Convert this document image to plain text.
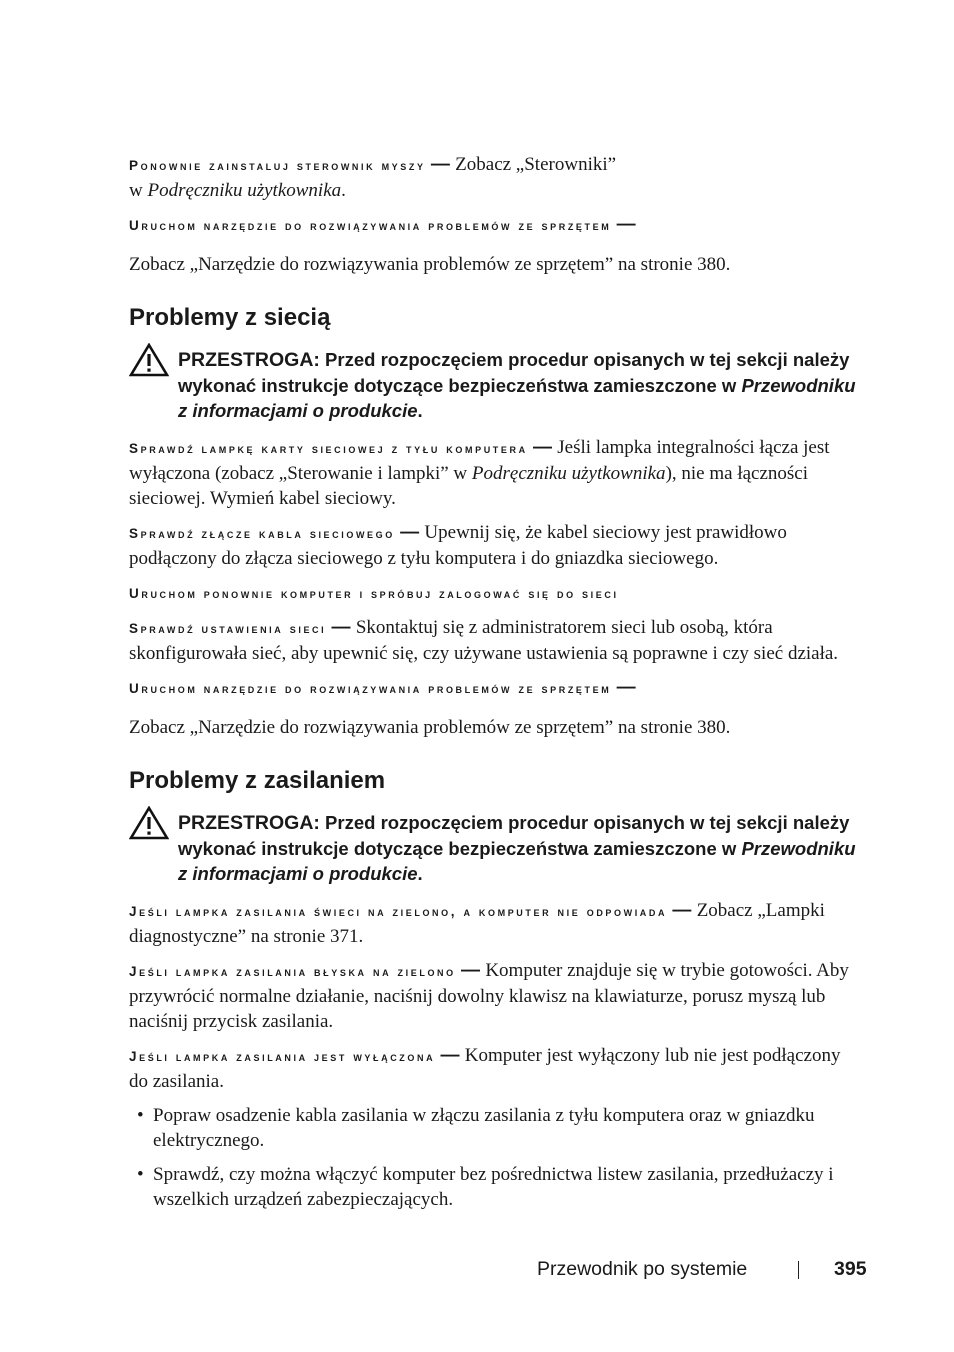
Ponownie zainstaluj sterownik myszy — Zobacz „Sterowniki”
w Podręczniku użytkownika.

Uruchom narzędzie do rozwiązywania problemów ze sprzętem —

Zobacz „Narzędzie do rozwiązywania problemów ze sprzętem” na stronie 380.

Problemy z siecią
PRZESTROGA: Przed rozpoczęciem procedur opisanych w tej sekcji należy wykonać instrukcje dotyczące bezpieczeństwa zamieszczone w Przewodniku z informacjami o produkcie.

Sprawdź lampkę karty sieciowej z tyłu komputera — Jeśli lampka integralności łącza jest wyłączona (zobacz „Sterowanie i lampki” w Podręczniku użytkownika), nie ma łączności sieciowej. Wymień kabel sieciowy.

Sprawdź złącze kabla sieciowego — Upewnij się, że kabel sieciowy jest prawidłowo podłączony do złącza sieciowego z tyłu komputera i do gniazdka sieciowego.

Uruchom ponownie komputer i spróbuj zalogować się do sieci

Sprawdź ustawienia sieci — Skontaktuj się z administratorem sieci lub osobą, która skonfigurowała sieć, aby upewnić się, czy używane ustawienia są poprawne i czy sieć działa.

Uruchom narzędzie do rozwiązywania problemów ze sprzętem —

Zobacz „Narzędzie do rozwiązywania problemów ze sprzętem” na stronie 380.

Problemy z zasilaniem
PRZESTROGA: Przed rozpoczęciem procedur opisanych w tej sekcji należy wykonać instrukcje dotyczące bezpieczeństwa zamieszczone w Przewodniku z informacjami o produkcie.

Jeśli lampka zasilania świeci na zielono, a komputer nie odpowiada — Zobacz „Lampki diagnostyczne” na stronie 371.

Jeśli lampka zasilania błyska na zielono — Komputer znajduje się w trybie gotowości. Aby przywrócić normalne działanie, naciśnij dowolny klawisz na klawiaturze, porusz myszą lub naciśnij przycisk zasilania.

Jeśli lampka zasilania jest wyłączona — Komputer jest wyłączony lub nie jest podłączony do zasilania.

• Popraw osadzenie kabla zasilania w złączu zasilania z tyłu komputera oraz w gniazdku elektrycznego.
• Sprawdź, czy można włączyć komputer bez pośrednictwa listew zasilania, przedłużaczy i wszelkich urządzeń zabezpieczających.
Przewodnik po systemie	395
